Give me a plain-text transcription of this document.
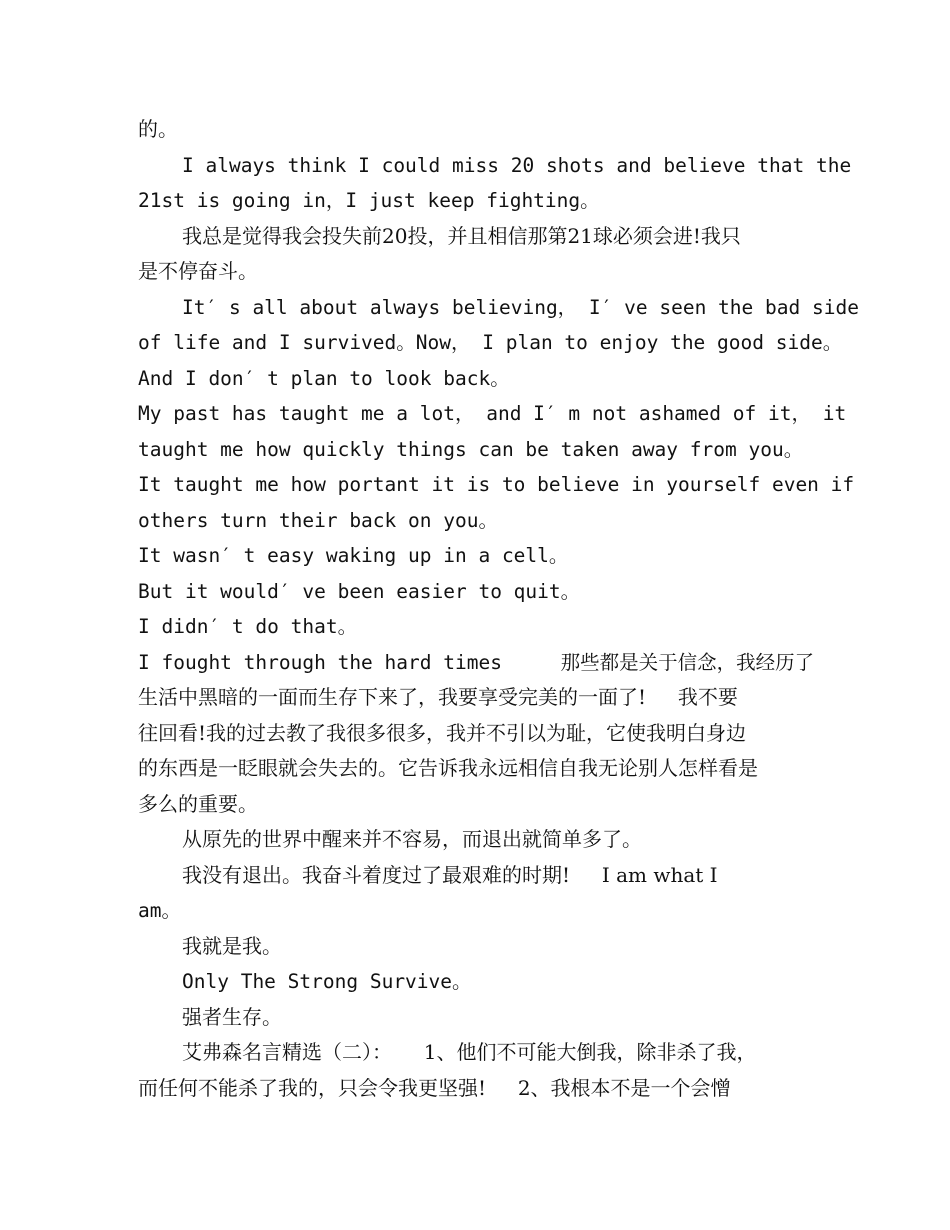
的。
I always think I could miss 20 shots and believe that the
21st is going in，I just keep fighting。
我总是觉得我会投失前20投，并且相信那第21球必须会进!我只
是不停奋斗。
It′ s all about always believing， I′ ve seen the bad side
of life and I survived。Now， I plan to enjoy the good side。
And I don′ t plan to look back。
My past has taught me a lot， and I′ m not ashamed of it， it
taught me how quickly things can be taken away from you。
It taught me how portant it is to believe in yourself even if
others turn their back on you。
It wasn′ t easy waking up in a cell。
But it would′ ve been easier to quit。
I didn′ t do that。
I fought through the hard times     那些都是关于信念，我经历了
生活中黑暗的一面而生存下来了，我要享受完美的一面了!     我不要
往回看!我的过去教了我很多很多，我并不引以为耻，它使我明白身边
的东西是一眨眼就会失去的。它告诉我永远相信自我无论别人怎样看是
多么的重要。
从原先的世界中醒来并不容易，而退出就简单多了。
我没有退出。我奋斗着度过了最艰难的时期!     I am what I
am。
我就是我。
Only The Strong Survive。
强者生存。
艾弗森名言精选（二）：     1、他们不可能大倒我，除非杀了我，
而任何不能杀了我的，只会令我更坚强!     2、我根本不是一个会憎
